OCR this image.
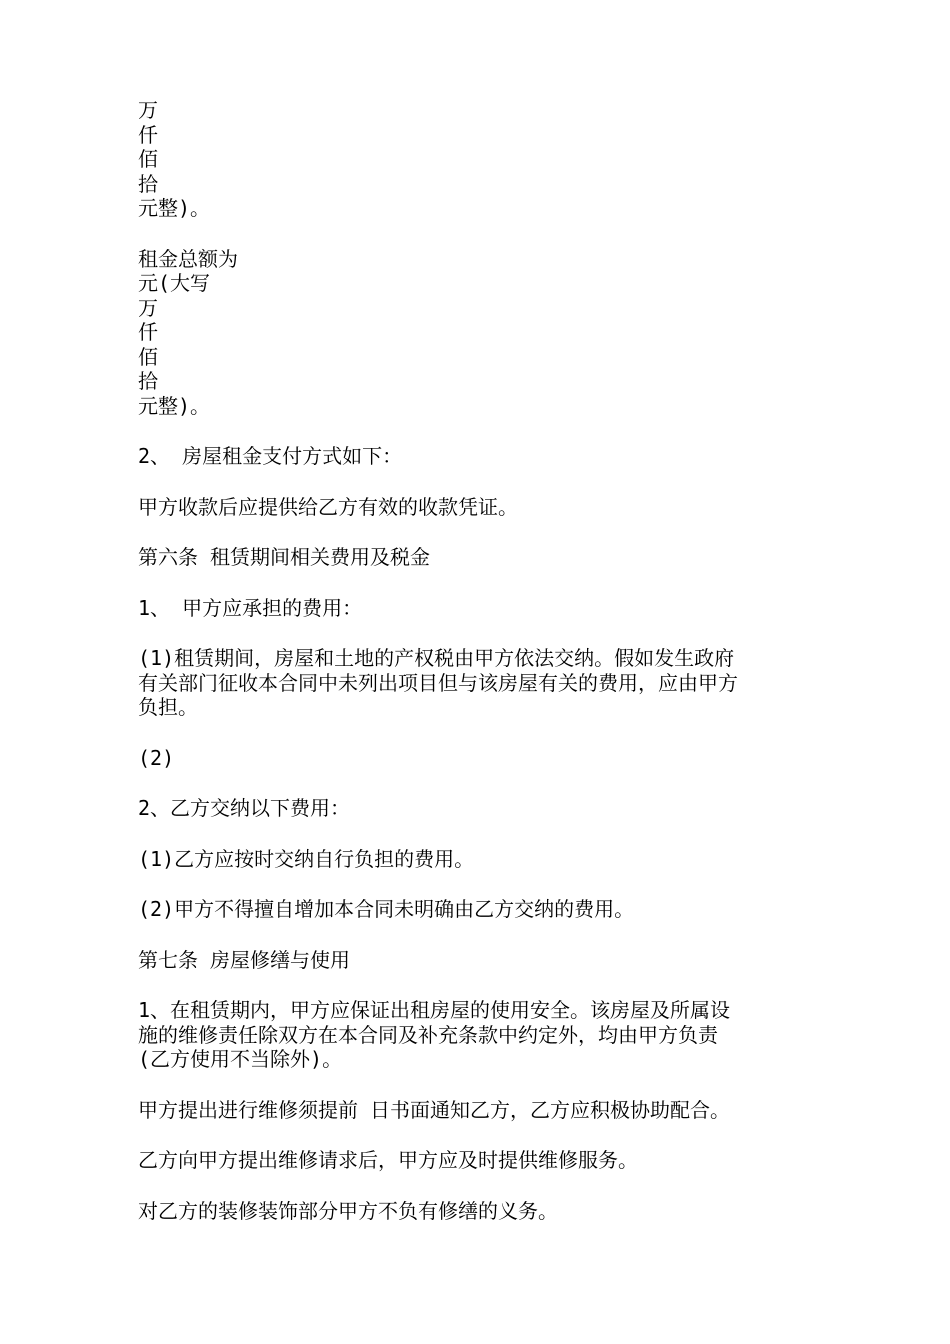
万
仟
佰
拾
元整)。
租金总额为
元(大写
万
仟
佰
拾
元整)。
2、 房屋租金支付方式如下：
甲方收款后应提供给乙方有效的收款凭证。
第六条 租赁期间相关费用及税金
1、 甲方应承担的费用：
(1)租赁期间，房屋和土地的产权税由甲方依法交纳。假如发生政府
有关部门征收本合同中未列出项目但与该房屋有关的费用，应由甲方
负担。
(2)
2、乙方交纳以下费用：
(1)乙方应按时交纳自行负担的费用。
(2)甲方不得擅自增加本合同未明确由乙方交纳的费用。
第七条 房屋修缮与使用
1、在租赁期内，甲方应保证出租房屋的使用安全。该房屋及所属设
施的维修责任除双方在本合同及补充条款中约定外，均由甲方负责
(乙方使用不当除外)。
甲方提出进行维修须提前 日书面通知乙方，乙方应积极协助配合。
乙方向甲方提出维修请求后，甲方应及时提供维修服务。
对乙方的装修装饰部分甲方不负有修缮的义务。
